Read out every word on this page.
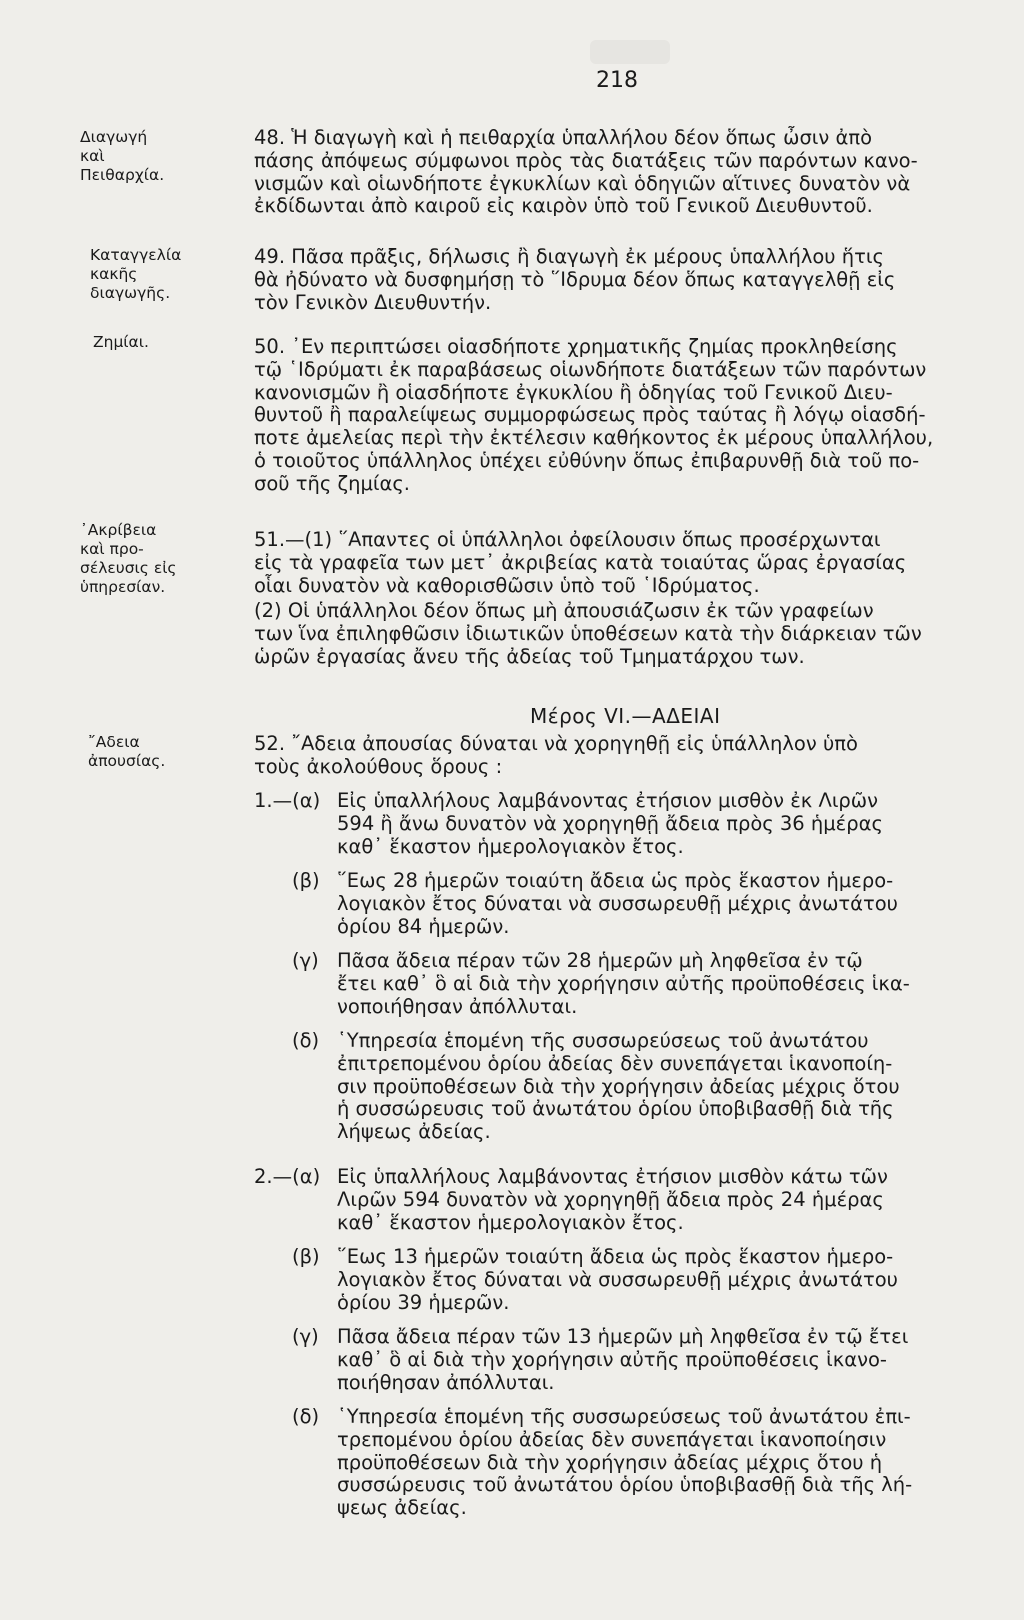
218
Διαγωγή
καὶ
Πειθαρχία.
Καταγγελία
κακῆς
διαγωγῆς.
Ζημίαι.
᾿Ακρίβεια
καὶ προ-
σέλευσις εἰς
ὑπηρεσίαν.
῎Αδεια
ἀπουσίας.
48. Ἡ διαγωγὴ καὶ ἡ πειθαρχία ὑπαλλήλου δέον ὅπως ὦσιν ἀπὸ
πάσης ἀπόψεως σύμφωνοι πρὸς τὰς διατάξεις τῶν παρόντων κανο-
νισμῶν καὶ οἱωνδήποτε ἐγκυκλίων καὶ ὁδηγιῶν αἵτινες δυνατὸν νὰ
ἐκδίδωνται ἀπὸ καιροῦ εἰς καιρὸν ὑπὸ τοῦ Γενικοῦ Διευθυντοῦ.
49. Πᾶσα πρᾶξις, δήλωσις ἢ διαγωγὴ ἐκ μέρους ὑπαλλήλου ἥτις
θὰ ἠδύνατο νὰ δυσφημήσῃ τὸ ῞Ιδρυμα δέον ὅπως καταγγελθῇ εἰς
τὸν Γενικὸν Διευθυντήν.
50. ᾿Εν περιπτώσει οἱασδήποτε χρηματικῆς ζημίας προκληθείσης
τῷ ῾Ιδρύματι ἐκ παραβάσεως οἱωνδήποτε διατάξεων τῶν παρόντων
κανονισμῶν ἢ οἱασδήποτε ἐγκυκλίου ἢ ὁδηγίας τοῦ Γενικοῦ Διευ-
θυντοῦ ἢ παραλείψεως συμμορφώσεως πρὸς ταύτας ἢ λόγῳ οἱασδή-
ποτε ἀμελείας περὶ τὴν ἐκτέλεσιν καθήκοντος ἐκ μέρους ὑπαλλήλου,
ὁ τοιοῦτος ὑπάλληλος ὑπέχει εὐθύνην ὅπως ἐπιβαρυνθῇ διὰ τοῦ πο-
σοῦ τῆς ζημίας.
51.—(1) ῞Απαντες οἱ ὑπάλληλοι ὀφείλουσιν ὅπως προσέρχωνται
εἰς τὰ γραφεῖα των μετ᾿ ἀκριβείας κατὰ τοιαύτας ὥρας ἐργασίας
οἷαι δυνατὸν νὰ καθορισθῶσιν ὑπὸ τοῦ ῾Ιδρύματος.
(2) Οἱ ὑπάλληλοι δέον ὅπως μὴ ἀπουσιάζωσιν ἐκ τῶν γραφείων
των ἵνα ἐπιληφθῶσιν ἰδιωτικῶν ὑποθέσεων κατὰ τὴν διάρκειαν τῶν
ὡρῶν ἐργασίας ἄνευ τῆς ἀδείας τοῦ Τμηματάρχου των.
Μέρος VI.—ΑΔΕΙΑΙ
52. ῎Αδεια ἀπουσίας δύναται νὰ χορηγηθῇ εἰς ὑπάλληλον ὑπὸ
τοὺς ἀκολούθους ὅρους :
1.—(α) Εἰς ὑπαλλήλους λαμβάνοντας ἐτήσιον μισθὸν ἐκ Λιρῶν
594 ἢ ἄνω δυνατὸν νὰ χορηγηθῇ ἄδεια πρὸς 36 ἡμέρας
καθ᾿ ἕκαστον ἡμερολογιακὸν ἔτος.
(β) ῞Εως 28 ἡμερῶν τοιαύτη ἄδεια ὡς πρὸς ἕκαστον ἡμερο-
λογιακὸν ἔτος δύναται νὰ συσσωρευθῇ μέχρις ἀνωτάτου
ὁρίου 84 ἡμερῶν.
(γ) Πᾶσα ἄδεια πέραν τῶν 28 ἡμερῶν μὴ ληφθεῖσα ἐν τῷ
ἔτει καθ᾿ ὃ αἱ διὰ τὴν χορήγησιν αὐτῆς προϋποθέσεις ἱκα-
νοποιήθησαν ἀπόλλυται.
(δ) ῾Υπηρεσία ἑπομένη τῆς συσσωρεύσεως τοῦ ἀνωτάτου
ἐπιτρεπομένου ὁρίου ἀδείας δὲν συνεπάγεται ἱκανοποίη-
σιν προϋποθέσεων διὰ τὴν χορήγησιν ἀδείας μέχρις ὅτου
ἡ συσσώρευσις τοῦ ἀνωτάτου ὁρίου ὑποβιβασθῇ διὰ τῆς
λήψεως ἀδείας.
2.—(α) Εἰς ὑπαλλήλους λαμβάνοντας ἐτήσιον μισθὸν κάτω τῶν
Λιρῶν 594 δυνατὸν νὰ χορηγηθῇ ἄδεια πρὸς 24 ἡμέρας
καθ᾿ ἕκαστον ἡμερολογιακὸν ἔτος.
(β) ῞Εως 13 ἡμερῶν τοιαύτη ἄδεια ὡς πρὸς ἕκαστον ἡμερο-
λογιακὸν ἔτος δύναται νὰ συσσωρευθῇ μέχρις ἀνωτάτου
ὁρίου 39 ἡμερῶν.
(γ) Πᾶσα ἄδεια πέραν τῶν 13 ἡμερῶν μὴ ληφθεῖσα ἐν τῷ ἔτει
καθ᾿ ὃ αἱ διὰ τὴν χορήγησιν αὐτῆς προϋποθέσεις ἱκανο-
ποιήθησαν ἀπόλλυται.
(δ) ῾Υπηρεσία ἑπομένη τῆς συσσωρεύσεως τοῦ ἀνωτάτου ἐπι-
τρεπομένου ὁρίου ἀδείας δὲν συνεπάγεται ἱκανοποίησιν
προϋποθέσεων διὰ τὴν χορήγησιν ἀδείας μέχρις ὅτου ἡ
συσσώρευσις τοῦ ἀνωτάτου ὁρίου ὑποβιβασθῇ διὰ τῆς λή-
ψεως ἀδείας.
